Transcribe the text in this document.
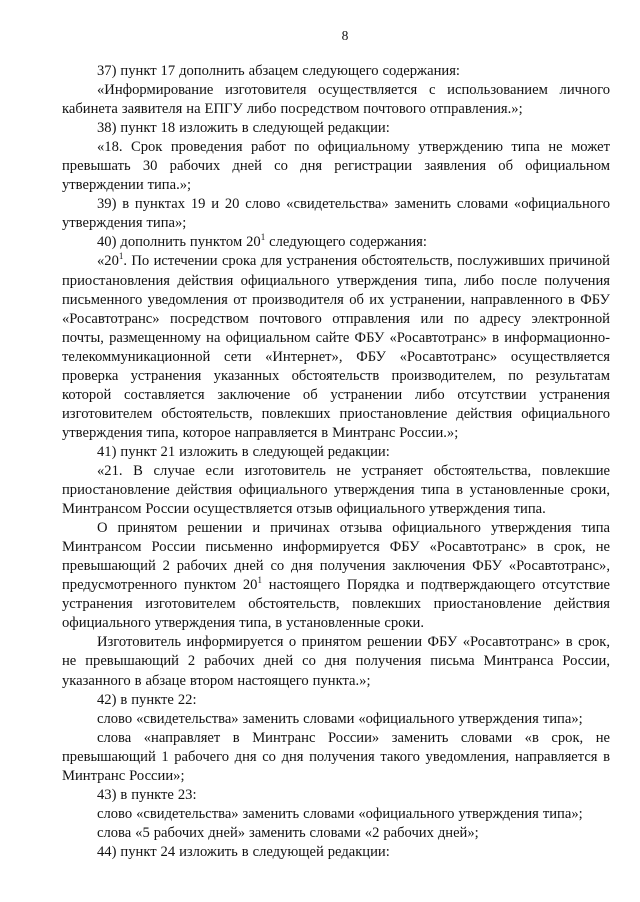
8

37) пункт 17 дополнить абзацем следующего содержания:

«Информирование изготовителя осуществляется с использованием личного кабинета заявителя на ЕПГУ либо посредством почтового отправления.»;

38) пункт 18 изложить в следующей редакции:

«18. Срок проведения работ по официальному утверждению типа не может превышать 30 рабочих дней со дня регистрации заявления об официальном утверждении типа.»;

39) в пунктах 19 и 20 слово «свидетельства» заменить словами «официального утверждения типа»;

40) дополнить пунктом $20^1$ следующего содержания:

«$20^1$. По истечении срока для устранения обстоятельств, послуживших причиной приостановления действия официального утверждения типа, либо после получения письменного уведомления от производителя об их устранении, направленного в ФБУ «Росавтотранс» посредством почтового отправления или по адресу электронной почты, размещенному на официальном сайте ФБУ «Росавтотранс» в информационно-телекоммуникационной сети «Интернет», ФБУ «Росавтотранс» осуществляется проверка устранения указанных обстоятельств производителем, по результатам которой составляется заключение об устранении либо отсутствии устранения изготовителем обстоятельств, повлекших приостановление действия официального утверждения типа, которое направляется в Минтранс России.»;

41) пункт 21 изложить в следующей редакции:

«21. В случае если изготовитель не устраняет обстоятельства, повлекшие приостановление действия официального утверждения типа в установленные сроки, Минтрансом России осуществляется отзыв официального утверждения типа.

О принятом решении и причинах отзыва официального утверждения типа Минтрансом России письменно информируется ФБУ «Росавтотранс» в срок, не превышающий 2 рабочих дней со дня получения заключения ФБУ «Росавтотранс», предусмотренного пунктом $20^1$ настоящего Порядка и подтверждающего отсутствие устранения изготовителем обстоятельств, повлекших приостановление действия официального утверждения типа, в установленные сроки.

Изготовитель информируется о принятом решении ФБУ «Росавтотранс» в срок, не превышающий 2 рабочих дней со дня получения письма Минтранса России, указанного в абзаце втором настоящего пункта.»;

42) в пункте 22:

слово «свидетельства» заменить словами «официального утверждения типа»;

слова «направляет в Минтранс России» заменить словами «в срок, не превышающий 1 рабочего дня со дня получения такого уведомления, направляется в Минтранс России»;

43) в пункте 23:

слово «свидетельства» заменить словами «официального утверждения типа»;

слова «5 рабочих дней» заменить словами «2 рабочих дней»;

44) пункт 24 изложить в следующей редакции:
